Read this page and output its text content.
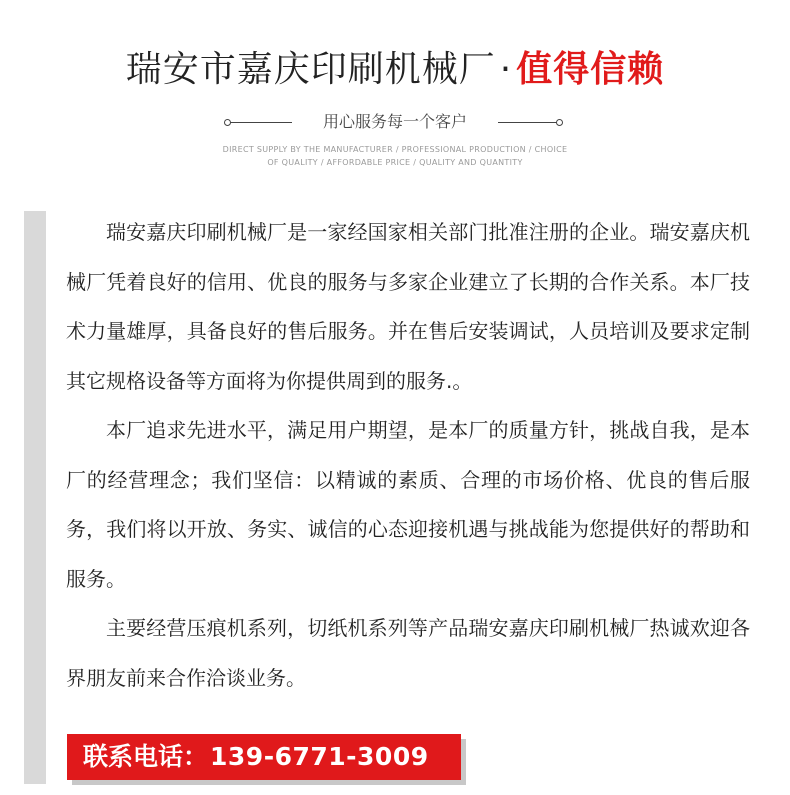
瑞安市嘉庆印刷机械厂 · 值得信赖
用心服务每一个客户
DIRECT SUPPLY BY THE MANUFACTURER / PROFESSIONAL PRODUCTION / CHOICE
OF QUALITY / AFFORDABLE PRICE / QUALITY AND QUANTITY

瑞安嘉庆印刷机械厂是一家经国家相关部门批准注册的企业。瑞安嘉庆机械厂凭着良好的信用、优良的服务与多家企业建立了长期的合作关系。本厂技术力量雄厚，具备良好的售后服务。并在售后安装调试，人员培训及要求定制其它规格设备等方面将为你提供周到的服务.。

本厂追求先进水平，满足用户期望，是本厂的质量方针，挑战自我，是本厂的经营理念；我们坚信：以精诚的素质、合理的市场价格、优良的售后服务，我们将以开放、务实、诚信的心态迎接机遇与挑战能为您提供好的帮助和服务。

主要经营压痕机系列，切纸机系列等产品瑞安嘉庆印刷机械厂热诚欢迎各界朋友前来合作洽谈业务。

联系电话：139-6771-3009
